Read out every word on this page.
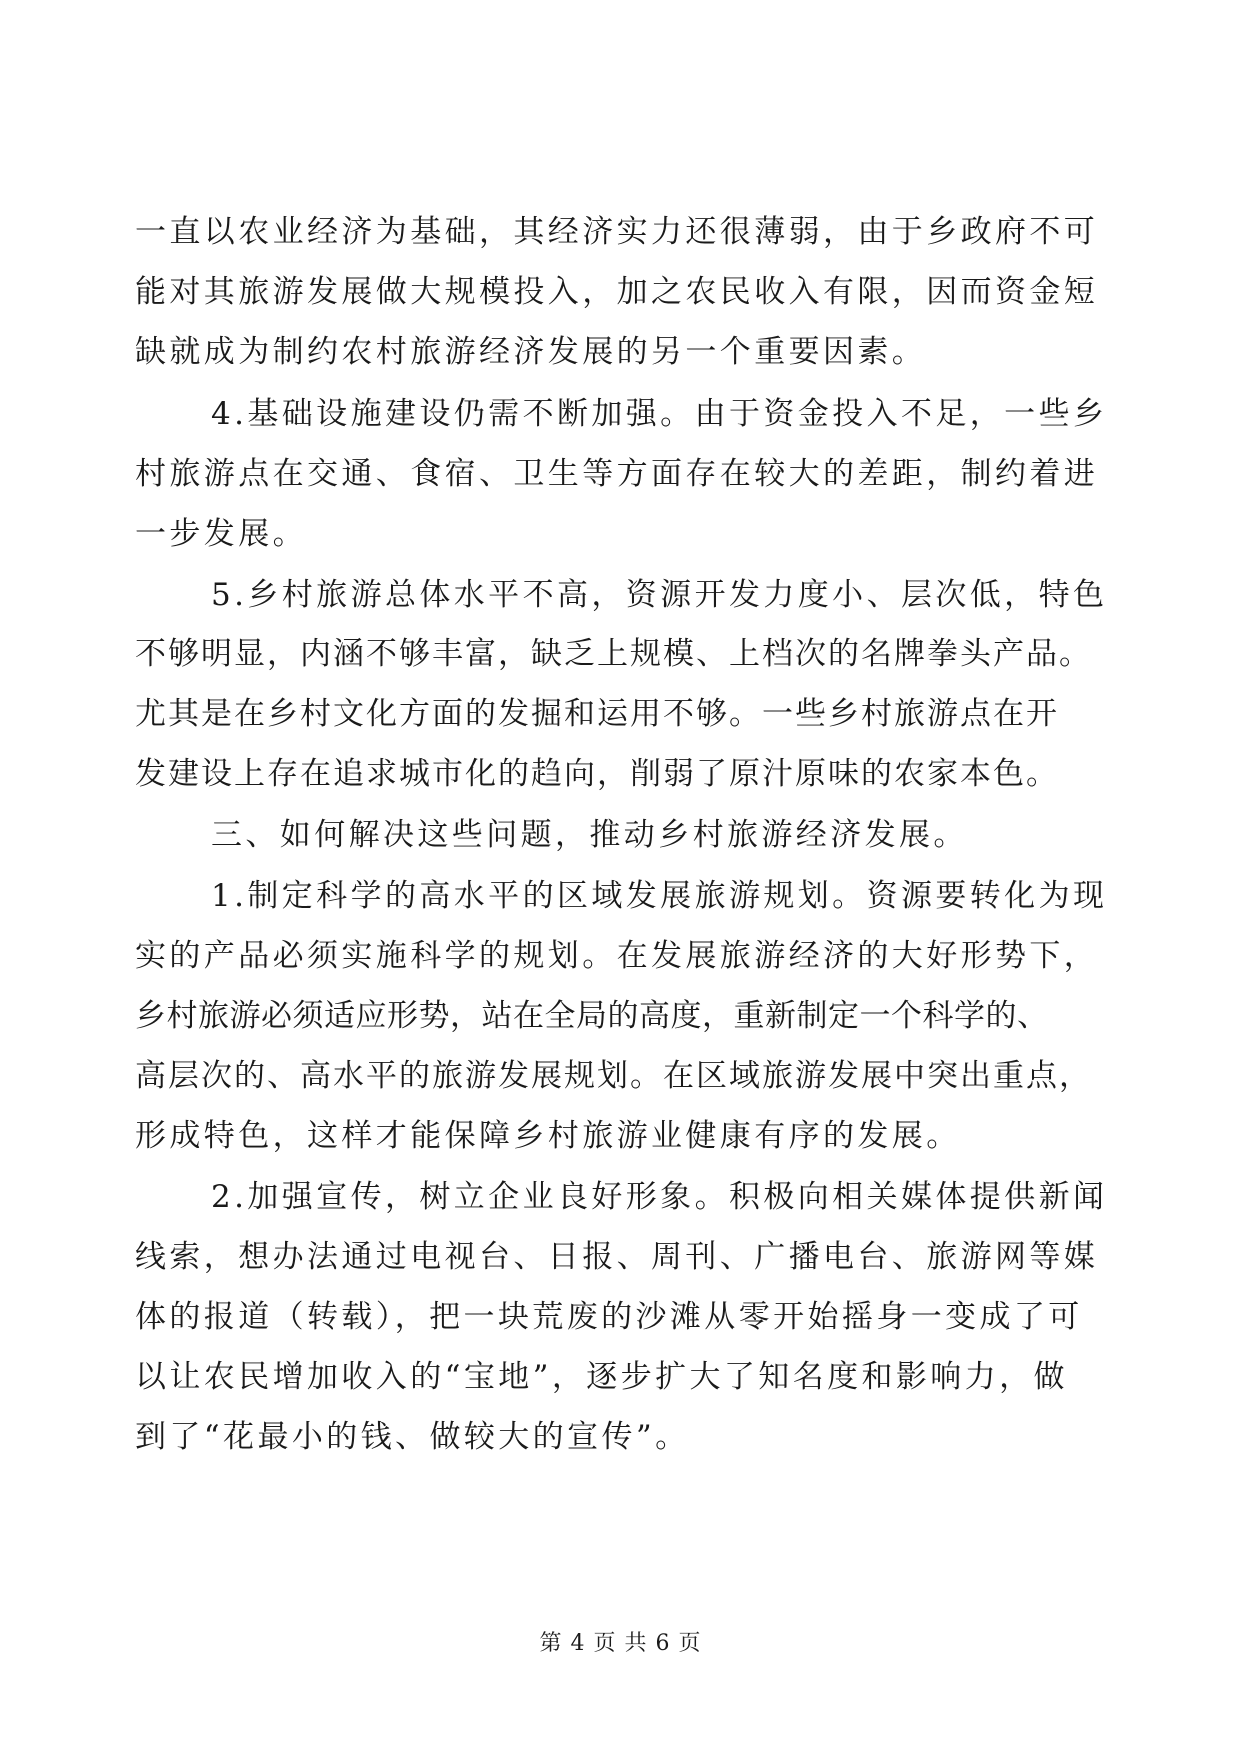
一直以农业经济为基础，其经济实力还很薄弱，由于乡政府不可
能对其旅游发展做大规模投入，加之农民收入有限，因而资金短
缺就成为制约农村旅游经济发展的另一个重要因素。
4.基础设施建设仍需不断加强。由于资金投入不足，一些乡
村旅游点在交通、食宿、卫生等方面存在较大的差距，制约着进
一步发展。
5.乡村旅游总体水平不高，资源开发力度小、层次低，特色
不够明显，内涵不够丰富，缺乏上规模、上档次的名牌拳头产品。
尤其是在乡村文化方面的发掘和运用不够。一些乡村旅游点在开
发建设上存在追求城市化的趋向，削弱了原汁原味的农家本色。
三、如何解决这些问题，推动乡村旅游经济发展。
1.制定科学的高水平的区域发展旅游规划。资源要转化为现
实的产品必须实施科学的规划。在发展旅游经济的大好形势下，
乡村旅游必须适应形势，站在全局的高度，重新制定一个科学的、
高层次的、高水平的旅游发展规划。在区域旅游发展中突出重点，
形成特色，这样才能保障乡村旅游业健康有序的发展。
2.加强宣传，树立企业良好形象。积极向相关媒体提供新闻
线索，想办法通过电视台、日报、周刊、广播电台、旅游网等媒
体的报道（转载），把一块荒废的沙滩从零开始摇身一变成了可
以让农民增加收入的“宝地”，逐步扩大了知名度和影响力，做
到了“花最小的钱、做较大的宣传”。
第 4 页 共 6 页
